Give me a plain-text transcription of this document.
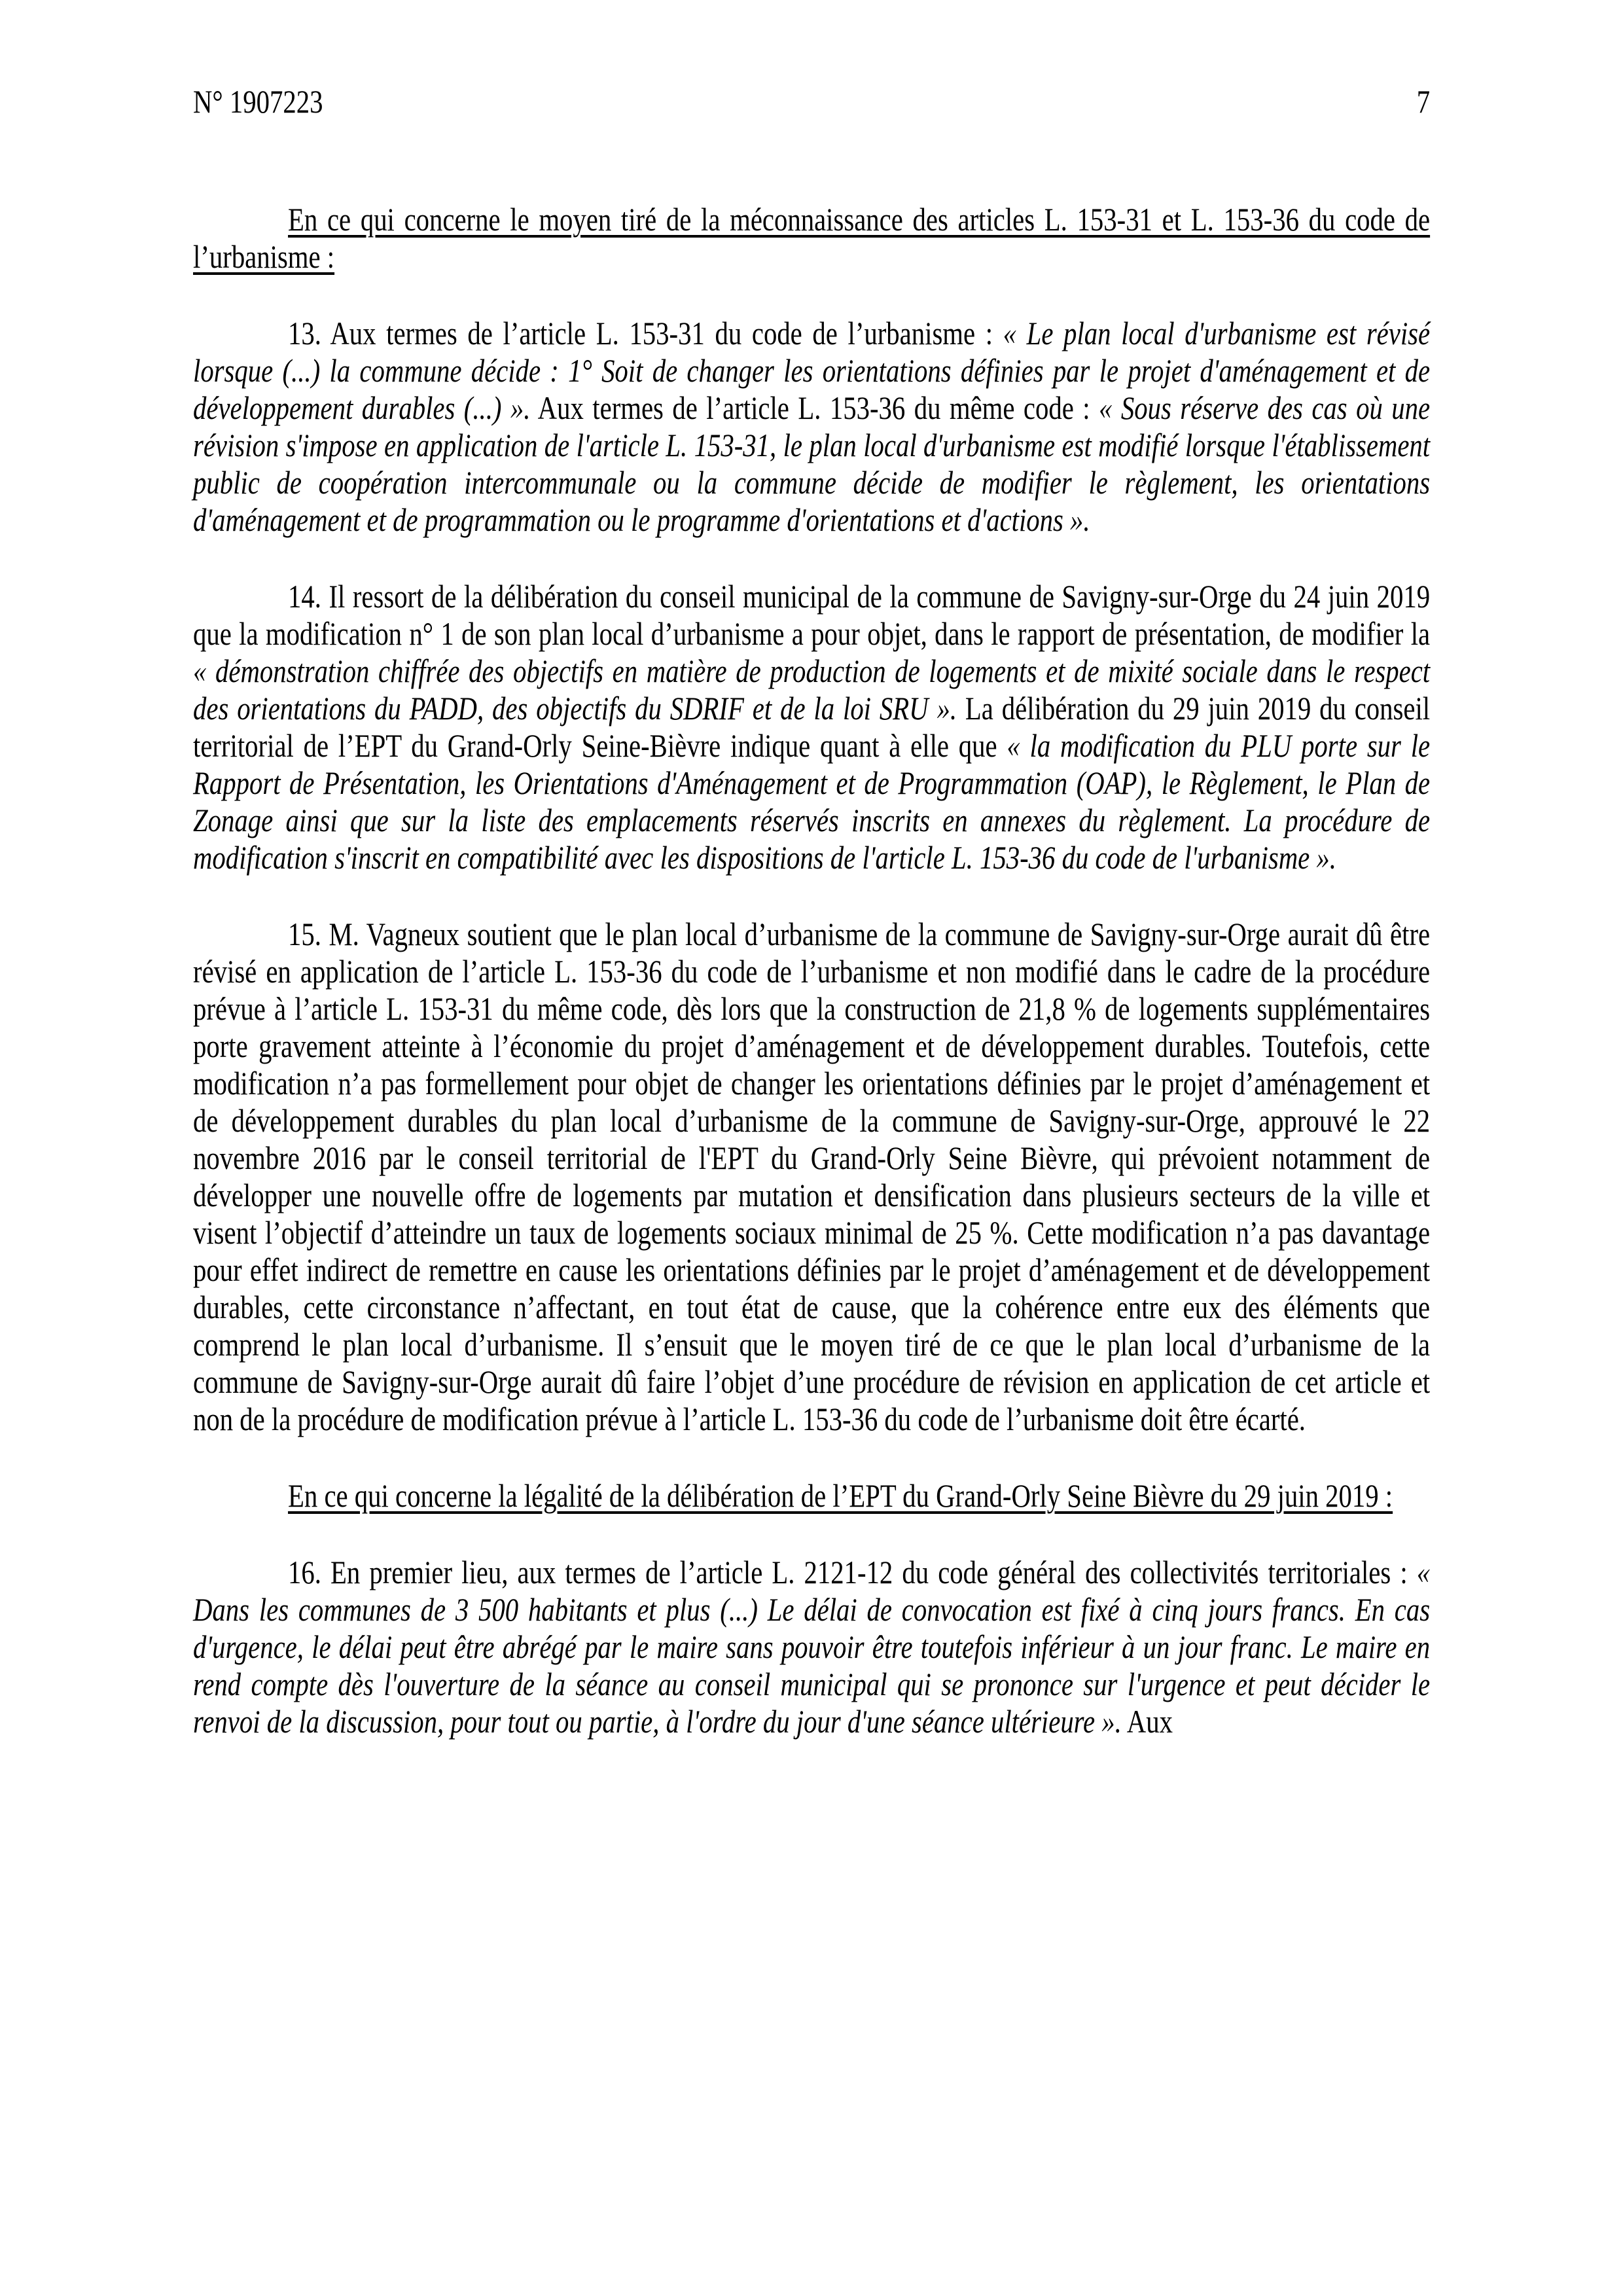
N° 1907223	7

En ce qui concerne le moyen tiré de la méconnaissance des articles L. 153-31 et L. 153-36 du code de l’urbanisme :

13. Aux termes de l’article L. 153-31 du code de l’urbanisme : « Le plan local d'urbanisme est révisé lorsque (...) la commune décide : 1° Soit de changer les orientations définies par le projet d'aménagement et de développement durables (...) ». Aux termes de l’article L. 153-36 du même code : « Sous réserve des cas où une révision s'impose en application de l'article L. 153-31, le plan local d'urbanisme est modifié lorsque l'établissement public de coopération intercommunale ou la commune décide de modifier le règlement, les orientations d'aménagement et de programmation ou le programme d'orientations et d'actions ».

14. Il ressort de la délibération du conseil municipal de la commune de Savigny-sur-Orge du 24 juin 2019 que la modification n° 1 de son plan local d’urbanisme a pour objet, dans le rapport de présentation, de modifier la « démonstration chiffrée des objectifs en matière de production de logements et de mixité sociale dans le respect des orientations du PADD, des objectifs du SDRIF et de la loi SRU ». La délibération du 29 juin 2019 du conseil territorial de l’EPT du Grand-Orly Seine-Bièvre indique quant à elle que « la modification du PLU porte sur le Rapport de Présentation, les Orientations d'Aménagement et de Programmation (OAP), le Règlement, le Plan de Zonage ainsi que sur la liste des emplacements réservés inscrits en annexes du règlement. La procédure de modification s'inscrit en compatibilité avec les dispositions de l'article L. 153-36 du code de l'urbanisme ».

15. M. Vagneux soutient que le plan local d’urbanisme de la commune de Savigny-sur-Orge aurait dû être révisé en application de l’article L. 153-36 du code de l’urbanisme et non modifié dans le cadre de la procédure prévue à l’article L. 153-31 du même code, dès lors que la construction de 21,8 % de logements supplémentaires porte gravement atteinte à l’économie du projet d’aménagement et de développement durables. Toutefois, cette modification n’a pas formellement pour objet de changer les orientations définies par le projet d’aménagement et de développement durables du plan local d’urbanisme de la commune de Savigny-sur-Orge, approuvé le 22 novembre 2016 par le conseil territorial de l'EPT du Grand-Orly Seine Bièvre, qui prévoient notamment de développer une nouvelle offre de logements par mutation et densification dans plusieurs secteurs de la ville et visent l’objectif d’atteindre un taux de logements sociaux minimal de 25 %. Cette modification n’a pas davantage pour effet indirect de remettre en cause les orientations définies par le projet d’aménagement et de développement durables, cette circonstance n’affectant, en tout état de cause, que la cohérence entre eux des éléments que comprend le plan local d’urbanisme. Il s’ensuit que le moyen tiré de ce que le plan local d’urbanisme de la commune de Savigny-sur-Orge aurait dû faire l’objet d’une procédure de révision en application de cet article et non de la procédure de modification prévue à l’article L. 153-36 du code de l’urbanisme doit être écarté.

En ce qui concerne la légalité de la délibération de l’EPT du Grand-Orly Seine Bièvre du 29 juin 2019 :

16. En premier lieu, aux termes de l’article L. 2121-12 du code général des collectivités territoriales : « Dans les communes de 3 500 habitants et plus (...) Le délai de convocation est fixé à cinq jours francs. En cas d'urgence, le délai peut être abrégé par le maire sans pouvoir être toutefois inférieur à un jour franc. Le maire en rend compte dès l'ouverture de la séance au conseil municipal qui se prononce sur l'urgence et peut décider le renvoi de la discussion, pour tout ou partie, à l'ordre du jour d'une séance ultérieure ». Aux
